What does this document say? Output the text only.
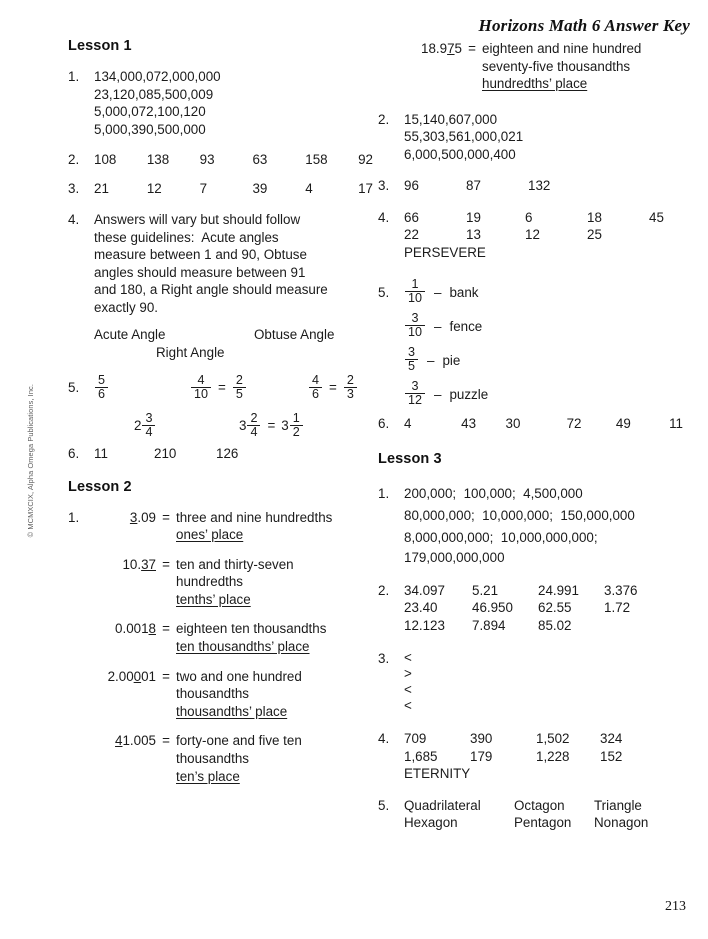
Horizons Math 6 Answer Key
© MCMXCIX, Alpha Omega Publications, Inc.
213
Lesson 1
1.	134,000,072,000,000
23,120,085,500,009
5,000,072,100,120
5,000,390,500,000
2.	108	138	93	63	158	92
3.	21	12	7	39	4	17
4.	Answers will vary but should follow
these guidelines:  Acute angles
measure between 1 and 90, Obtuse
angles should measure between 91
and 180, a Right angle should measure
exactly 90.
Acute Angle	Obtuse Angle
Right Angle
5.	$\frac{5}{6}$	$\frac{4}{10} = \frac{2}{5}$	$\frac{4}{6} = \frac{2}{3}$
$2 \frac{3}{4}$	$3 \frac{2}{4} = 3 \frac{1}{2}$
6.	11	210	126
Lesson 2
1.	3.09 = three and nine hundredths
ones’ place
10.37 = ten and thirty-seven
hundredths
tenths’ place
0.0018 = eighteen ten thousandths
ten thousandths’ place
2.00001 = two and one hundred
thousandths
thousandths’ place
41.005 = forty-one and five ten
thousandths
ten’s place
18.975 = eighteen and nine hundred
seventy-five thousandths
hundredths’ place
2.	15,140,607,000
55,303,561,000,021
6,000,500,000,400
3.	96	87	132
4.	66	19	6	18	45
22	13	12	25
PERSEVERE
5.	$\frac{1}{10}$ – bank
$\frac{3}{10}$ – fence
$\frac{3}{5}$ – pie
$\frac{3}{12}$ – puzzle
6.	4	43	30	72	49	11
Lesson 3
1.	200,000;  100,000;  4,500,000
80,000,000;  10,000,000;  150,000,000
8,000,000,000;  10,000,000,000;
179,000,000,000
2.	34.097	5.21	24.991	3.376
23.40	46.950	62.55	1.72
12.123	7.894	85.02
3.	<
>
<
<
4.	709	390	1,502	324
1,685	179	1,228	152
ETERNITY
5.	Quadrilateral	Octagon	Triangle
Hexagon	Pentagon	Nonagon
